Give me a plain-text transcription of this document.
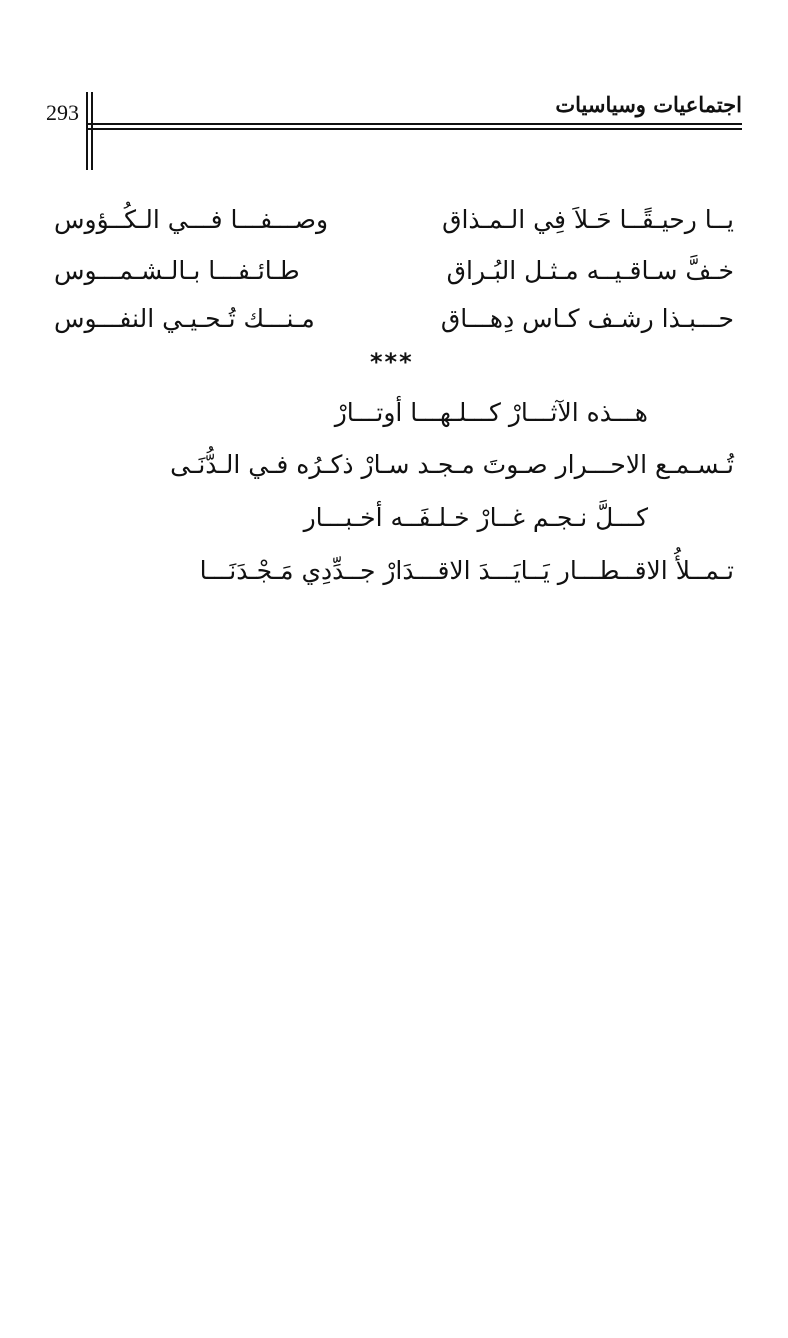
293	اجتماعيات وسياسيات
يــا رحيـقًــا حَـلاَ فِي الـمـذاق
وصـــفـــا فـــي الـكُــؤوس
خـفَّ سـاقـيــه مـثـل البُـراق
طـائـفـــا بـالـشـمـــوس
حـــبـذا رشـف كـاس دِهـــاق
مـنـــك تُـحـيـي النفـــوس
***
هـــذه الآثـــارْ كـــلـهـــا أوتـــارْ
تُـسـمـع الاحـــرار صـوتَ مـجـد سـارْ ذكـرُه فـي الـدُّنَـى
كـــلَّ نـجـم غــارْ خـلـفَــه أخـبـــار
تـمــلأُ الاقــطـــار يَــايَـــدَ الاقـــدَارْ جــدِّدِي مَـجْـدَنَـــا
